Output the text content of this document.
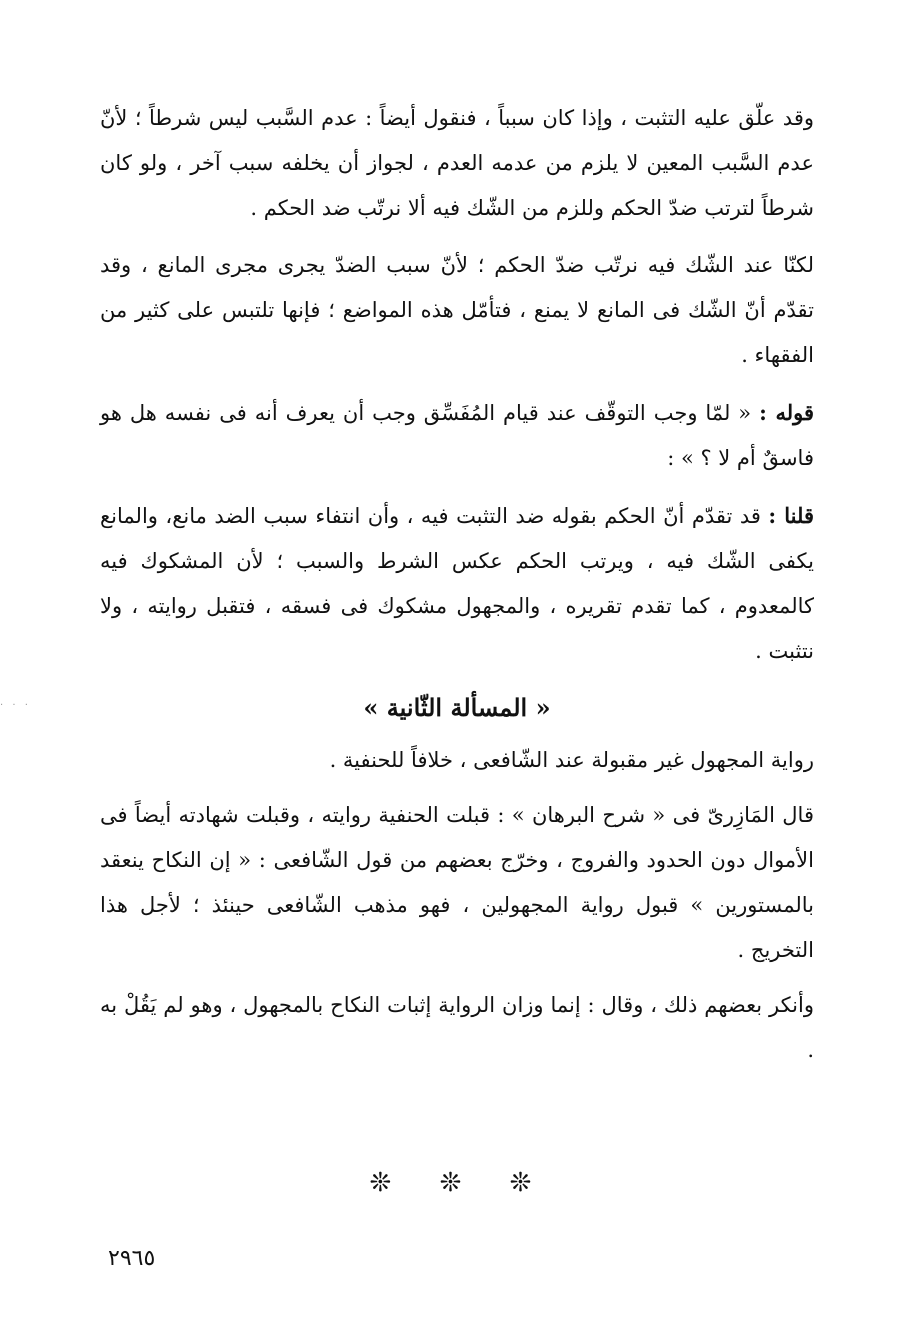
وقد علّق عليه التثبت ، وإذا كان سبباً ، فنقول أيضاً : عدم السَّبب ليس شرطاً ؛ لأنّ عدم السَّبب المعين لا يلزم من عدمه العدم ، لجواز أن يخلفه سبب آخر ، ولو كان شرطاً لترتب ضدّ الحكم وللزم من الشّك فيه ألا نرتّب ضد الحكم .

لكنّا عند الشّك فيه نرتّب ضدّ الحكم ؛ لأنّ سبب الضدّ يجرى مجرى المانع ، وقد تقدّم أنّ الشّك فى المانع لا يمنع ، فتأمّل هذه المواضع ؛ فإنها تلتبس على كثير من الفقهاء .

قوله : « لمّا وجب التوقّف عند قيام المُفَسِّق وجب أن يعرف أنه فى نفسه هل هو فاسقٌ أم لا ؟ » :

قلنا : قد تقدّم أنّ الحكم بقوله ضد التثبت فيه ، وأن انتفاء سبب الضد مانع، والمانع يكفى الشّك فيه ، ويرتب الحكم عكس الشرط والسبب ؛ لأن المشكوك فيه كالمعدوم ، كما تقدم تقريره ، والمجهول مشكوك فى فسقه ، فتقبل روايته ، ولا نتثبت .

« المسألة الثّانية »

رواية المجهول غير مقبولة عند الشّافعى ، خلافاً للحنفية .

قال المَازِرىّ فى « شرح البرهان » : قبلت الحنفية روايته ، وقبلت شهادته أيضاً فى الأموال دون الحدود والفروج ، وخرّج بعضهم من قول الشّافعى : « إن النكاح ينعقد بالمستورين » قبول رواية المجهولين ، فهو مذهب الشّافعى حينئذ ؛ لأجل هذا التخريج .

وأنكر بعضهم ذلك ، وقال : إنما وزان الرواية إثبات النكاح بالمجهول ، وهو لم يَقُلْ به .

❊ ❊ ❊
٢٩٦٥
· · ·
